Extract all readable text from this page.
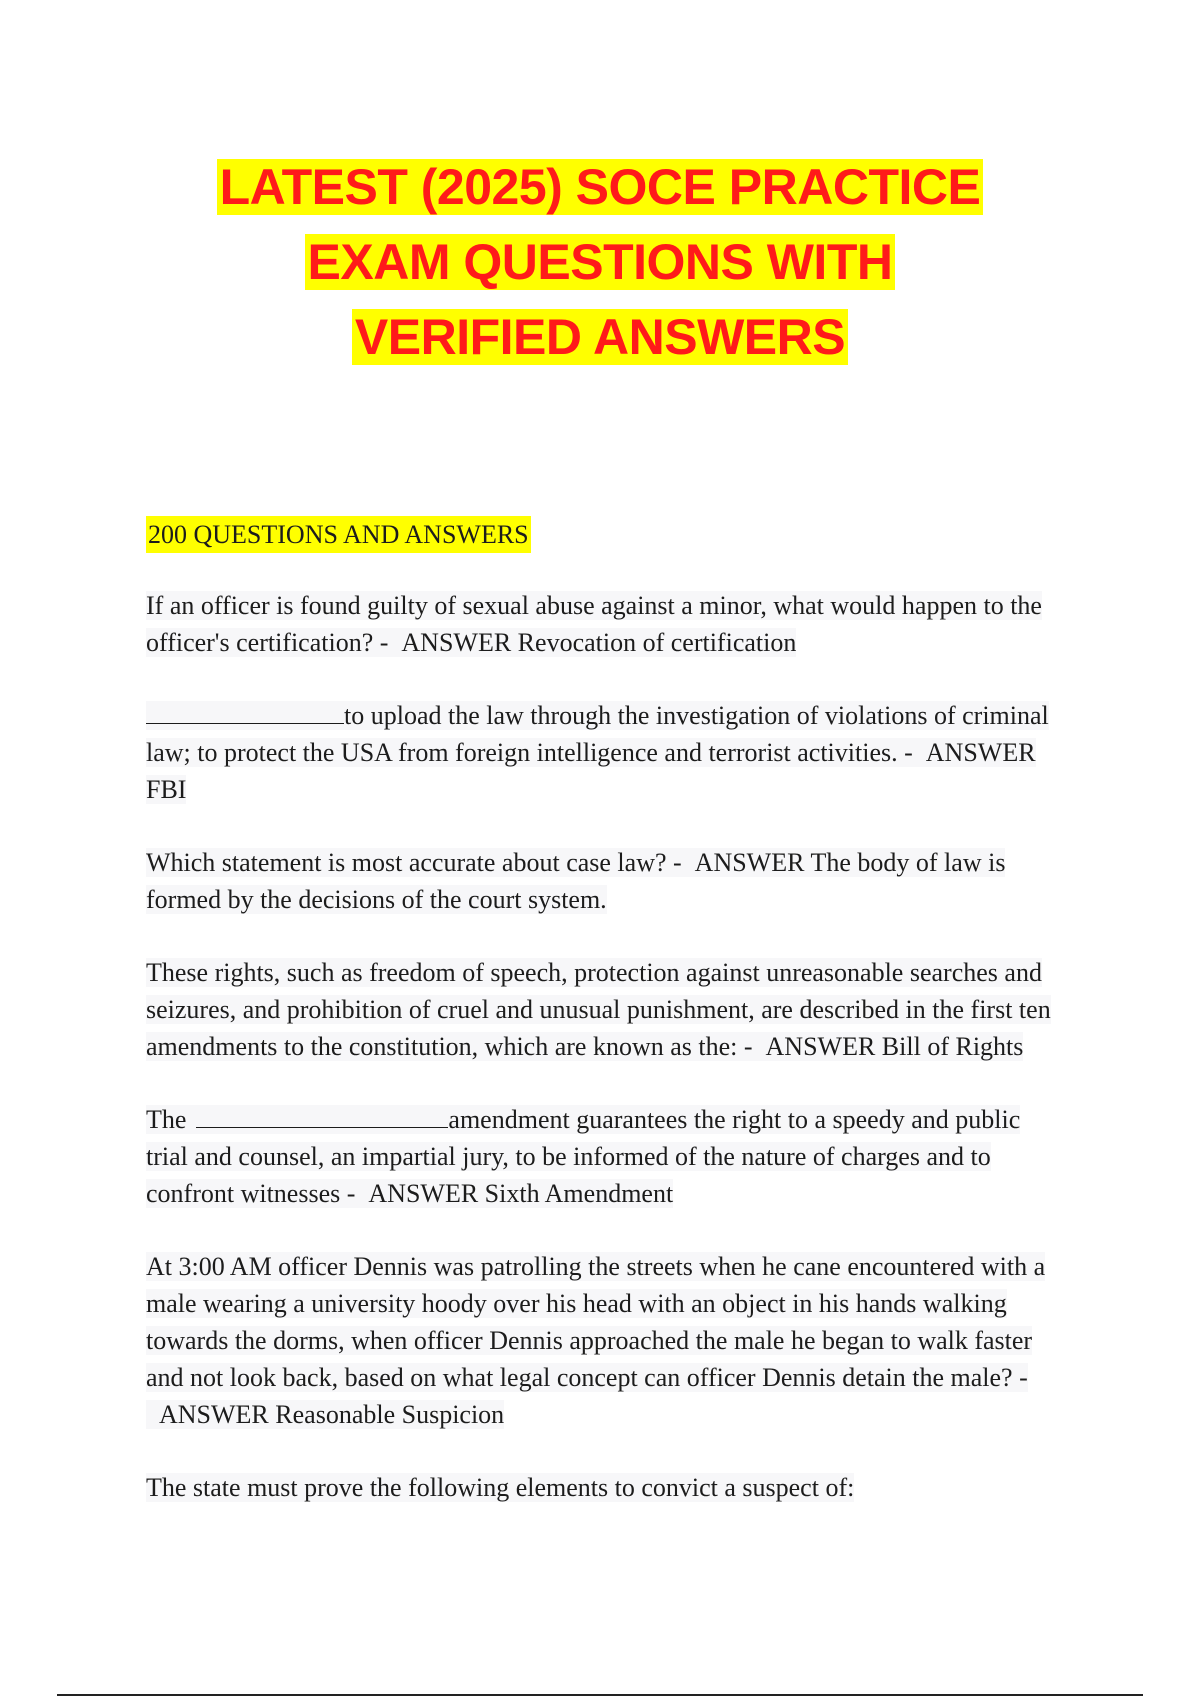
LATEST (2025) SOCE PRACTICE
EXAM QUESTIONS WITH
VERIFIED ANSWERS
200 QUESTIONS AND ANSWERS

If an officer is found guilty of sexual abuse against a minor, what would happen to the officer's certification? - ANSWER Revocation of certification

to upload the law through the investigation of violations of criminal law; to protect the USA from foreign intelligence and terrorist activities. - ANSWER FBI

Which statement is most accurate about case law? - ANSWER The body of law is formed by the decisions of the court system.

These rights, such as freedom of speech, protection against unreasonable searches and seizures, and prohibition of cruel and unusual punishment, are described in the first ten amendments to the constitution, which are known as the: - ANSWER Bill of Rights

The	amendment guarantees the right to a speedy and public trial and counsel, an impartial jury, to be informed of the nature of charges and to confront witnesses - ANSWER Sixth Amendment

At 3:00 AM officer Dennis was patrolling the streets when he cane encountered with a male wearing a university hoody over his head with an object in his hands walking towards the dorms, when officer Dennis approached the male he began to walk faster and not look back, based on what legal concept can officer Dennis detain the male? -  ANSWER Reasonable Suspicion

The state must prove the following elements to convict a suspect of:
